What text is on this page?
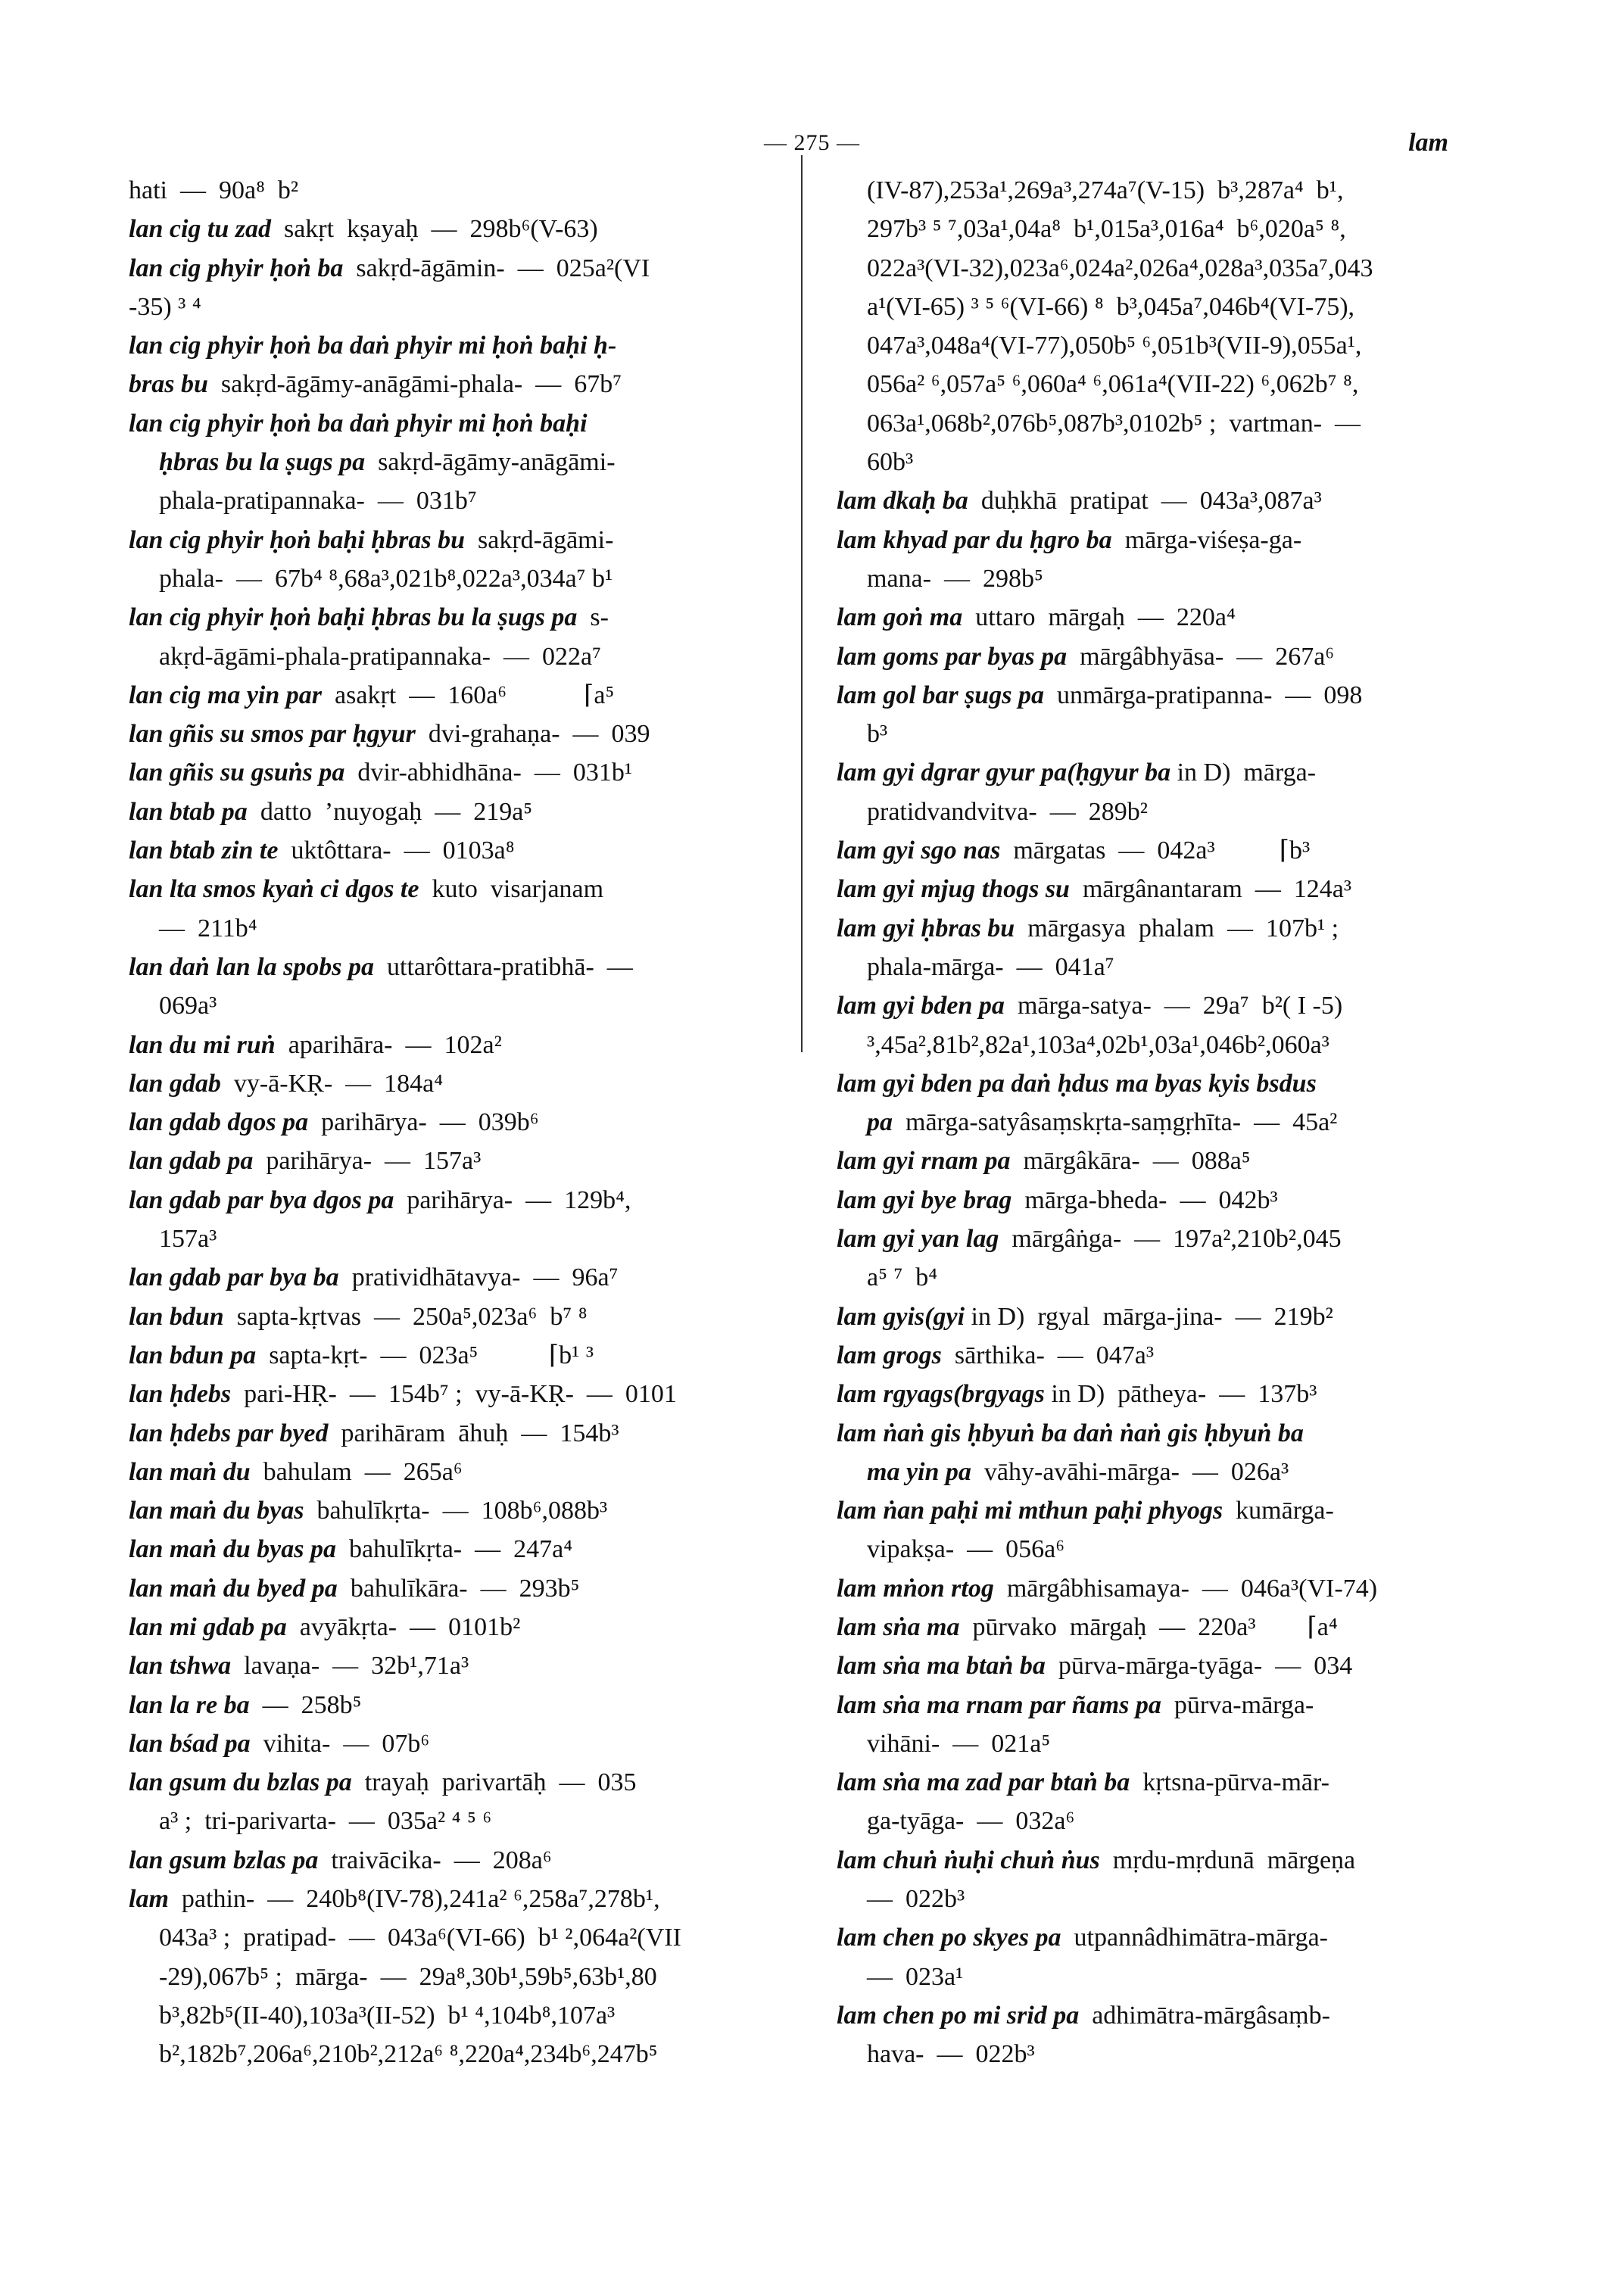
— 275 —	lam
hati  —  90a⁸  b²
lan cig tu zad  sakṛt  kṣayaḥ  —  298b⁶(V-63)
lan cig phyir ḥoṅ ba  sakṛd-āgāmin-  —  025a²(VI
-35) ³ ⁴
lan cig phyir ḥoṅ ba daṅ phyir mi ḥoṅ baḥi ḥ-
bras bu  sakṛd-āgāmy-anāgāmi-phala-  —  67b⁷
lan cig phyir ḥoṅ ba daṅ phyir mi ḥoṅ baḥi
ḥbras bu la ṣugs pa  sakṛd-āgāmy-anāgāmi-
phala-pratipannaka-  —  031b⁷
lan cig phyir ḥoṅ baḥi ḥbras bu  sakṛd-āgāmi-
phala-  —  67b⁴ ⁸,68a³,021b⁸,022a³,034a⁷ b¹
lan cig phyir ḥoṅ baḥi ḥbras bu la ṣugs pa  s-
akṛd-āgāmi-phala-pratipannaka-  —  022a⁷
lan cig ma yin par  asakṛt  —  160a⁶            ⌈a⁵
lan gñis su smos par ḥgyur  dvi-grahaṇa-  —  039
lan gñis su gsuṅs pa  dvir-abhidhāna-  —  031b¹
lan btab pa  datto  ’nuyogaḥ  —  219a⁵
lan btab zin te  uktôttara-  —  0103a⁸
lan lta smos kyaṅ ci dgos te  kuto  visarjanam
—  211b⁴
lan daṅ lan la spobs pa  uttarôttara-pratibhā-  —
069a³
lan du mi ruṅ  aparihāra-  —  102a²
lan gdab  vy-ā-KṚ-  —  184a⁴
lan gdab dgos pa  parihārya-  —  039b⁶
lan gdab pa  parihārya-  —  157a³
lan gdab par bya dgos pa  parihārya-  —  129b⁴,
157a³
lan gdab par bya ba  pratividhātavya-  —  96a⁷
lan bdun  sapta-kṛtvas  —  250a⁵,023a⁶  b⁷ ⁸
lan bdun pa  sapta-kṛt-  —  023a⁵           ⌈b¹ ³
lan ḥdebs  pari-HṚ-  —  154b⁷ ;  vy-ā-KṚ-  —  0101
lan ḥdebs par byed  parihāram  āhuḥ  —  154b³
lan maṅ du  bahulam  —  265a⁶
lan maṅ du byas  bahulīkṛta-  —  108b⁶,088b³
lan maṅ du byas pa  bahulīkṛta-  —  247a⁴
lan maṅ du byed pa  bahulīkāra-  —  293b⁵
lan mi gdab pa  avyākṛta-  —  0101b²
lan tshwa  lavaṇa-  —  32b¹,71a³
lan la re ba  —  258b⁵
lan bśad pa  vihita-  —  07b⁶
lan gsum du bzlas pa  trayaḥ  parivartāḥ  —  035
a³ ;  tri-parivarta-  —  035a² ⁴ ⁵ ⁶
lan gsum bzlas pa  traivācika-  —  208a⁶
lam  pathin-  —  240b⁸(IV-78),241a² ⁶,258a⁷,278b¹,
043a³ ;  pratipad-  —  043a⁶(VI-66)  b¹ ²,064a²(VII
-29),067b⁵ ;  mārga-  —  29a⁸,30b¹,59b⁵,63b¹,80
b³,82b⁵(II-40),103a³(II-52)  b¹ ⁴,104b⁸,107a³
b²,182b⁷,206a⁶,210b²,212a⁶ ⁸,220a⁴,234b⁶,247b⁵
(IV-87),253a¹,269a³,274a⁷(V-15)  b³,287a⁴  b¹,
297b³ ⁵ ⁷,03a¹,04a⁸  b¹,015a³,016a⁴  b⁶,020a⁵ ⁸,
022a³(VI-32),023a⁶,024a²,026a⁴,028a³,035a⁷,043
a¹(VI-65) ³ ⁵ ⁶(VI-66) ⁸  b³,045a⁷,046b⁴(VI-75),
047a³,048a⁴(VI-77),050b⁵ ⁶,051b³(VII-9),055a¹,
056a² ⁶,057a⁵ ⁶,060a⁴ ⁶,061a⁴(VII-22) ⁶,062b⁷ ⁸,
063a¹,068b²,076b⁵,087b³,0102b⁵ ;  vartman-  —
60b³
lam dkaḥ ba  duḥkhā  pratipat  —  043a³,087a³
lam khyad par du ḥgro ba  mārga-viśeṣa-ga-
mana-  —  298b⁵
lam goṅ ma  uttaro  mārgaḥ  —  220a⁴
lam goms par byas pa  mārgâbhyāsa-  —  267a⁶
lam gol bar ṣugs pa  unmārga-pratipanna-  —  098
b³
lam gyi dgrar gyur pa(ḥgyur ba in D)  mārga-
pratidvandvitva-  —  289b²
lam gyi sgo nas  mārgatas  —  042a³          ⌈b³
lam gyi mjug thogs su  mārgânantaram  —  124a³
lam gyi ḥbras bu  mārgasya  phalam  —  107b¹ ;
phala-mārga-  —  041a⁷
lam gyi bden pa  mārga-satya-  —  29a⁷  b²( I -5)
³,45a²,81b²,82a¹,103a⁴,02b¹,03a¹,046b²,060a³
lam gyi bden pa daṅ ḥdus ma byas kyis bsdus
pa  mārga-satyâsaṃskṛta-saṃgṛhīta-  —  45a²
lam gyi rnam pa  mārgâkāra-  —  088a⁵
lam gyi bye brag  mārga-bheda-  —  042b³
lam gyi yan lag  mārgâṅga-  —  197a²,210b²,045
a⁵ ⁷  b⁴
lam gyis(gyi in D)  rgyal  mārga-jina-  —  219b²
lam grogs  sārthika-  —  047a³
lam rgyags(brgyags in D)  pātheya-  —  137b³
lam ṅaṅ gis ḥbyuṅ ba daṅ ṅaṅ gis ḥbyuṅ ba
ma yin pa  vāhy-avāhi-mārga-  —  026a³
lam ṅan paḥi mi mthun paḥi phyogs  kumārga-
vipakṣa-  —  056a⁶
lam mṅon rtog  mārgâbhisamaya-  —  046a³(VI-74)
lam sṅa ma  pūrvako  mārgaḥ  —  220a³        ⌈a⁴
lam sṅa ma btaṅ ba  pūrva-mārga-tyāga-  —  034
lam sṅa ma rnam par ñams pa  pūrva-mārga-
vihāni-  —  021a⁵
lam sṅa ma zad par btaṅ ba  kṛtsna-pūrva-mār-
ga-tyāga-  —  032a⁶
lam chuṅ ṅuḥi chuṅ ṅus  mṛdu-mṛdunā  mārgeṇa
—  022b³
lam chen po skyes pa  utpannâdhimātra-mārga-
—  023a¹
lam chen po mi srid pa  adhimātra-mārgâsaṃb-
hava-  —  022b³
